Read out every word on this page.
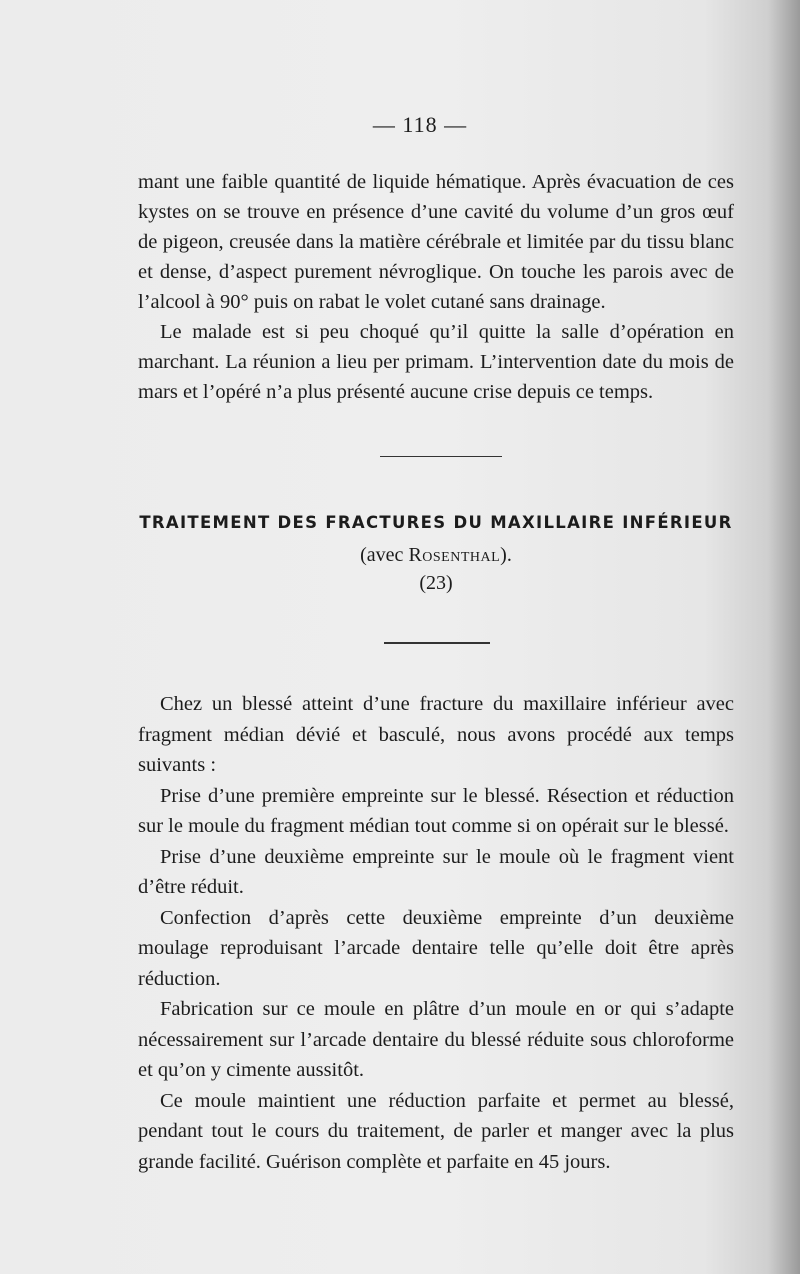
— 118 —

mant une faible quantité de liquide hématique. Après évacuation de ces kystes on se trouve en présence d’une cavité du volume d’un gros œuf de pigeon, creusée dans la matière cérébrale et limitée par du tissu blanc et dense, d’aspect purement névroglique. On touche les parois avec de l’alcool à 90° puis on rabat le volet cutané sans drainage.

Le malade est si peu choqué qu’il quitte la salle d’opération en marchant. La réunion a lieu per primam. L’intervention date du mois de mars et l’opéré n’a plus présenté aucune crise depuis ce temps.

TRAITEMENT DES FRACTURES DU MAXILLAIRE INFÉRIEUR
(avec Rosenthal).
(23)

Chez un blessé atteint d’une fracture du maxillaire inférieur avec fragment médian dévié et basculé, nous avons procédé aux temps suivants :

Prise d’une première empreinte sur le blessé. Résection et réduction sur le moule du fragment médian tout comme si on opérait sur le blessé.

Prise d’une deuxième empreinte sur le moule où le fragment vient d’être réduit.

Confection d’après cette deuxième empreinte d’un deuxième moulage reproduisant l’arcade dentaire telle qu’elle doit être après réduction.

Fabrication sur ce moule en plâtre d’un moule en or qui s’adapte nécessairement sur l’arcade dentaire du blessé réduite sous chloroforme et qu’on y cimente aussitôt.

Ce moule maintient une réduction parfaite et permet au blessé, pendant tout le cours du traitement, de parler et manger avec la plus grande facilité. Guérison complète et parfaite en 45 jours.
